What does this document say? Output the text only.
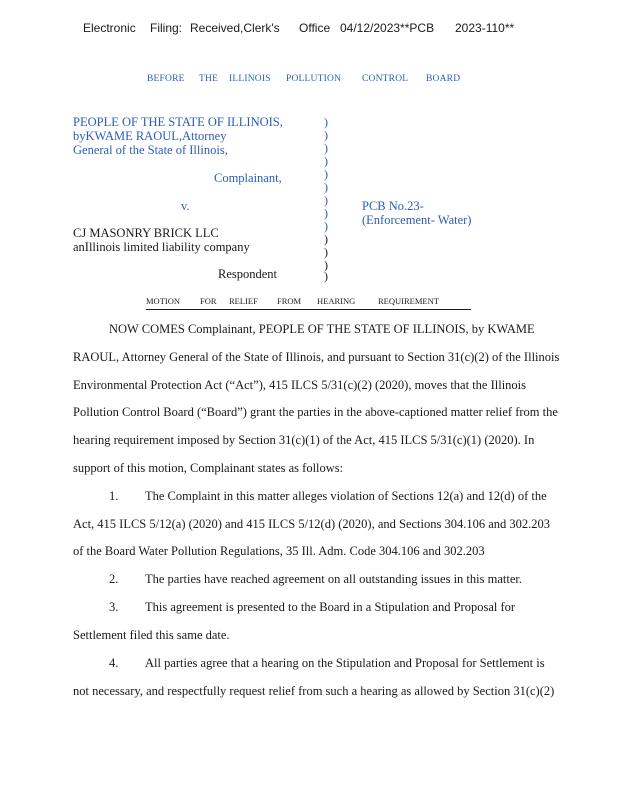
Electronic Filing: Received,Clerk's Office 04/12/2023**PCB 2023-110**
BEFORE THE ILLINOIS POLLUTION CONTROL BOARD
PEOPLE OF THE STATE OF ILLINOIS,
byKWAME RAOUL,Attorney
General of the State of Illinois,
Complainant,
v.
CJ MASONRY BRICK LLC
anIllinois limited liability company
Respondent
)
)
)
)
)
)
)
)
)
)
)
)
)
PCB No.23-
(Enforcement- Water)
MOTION FOR RELIEF FROM HEARING	REQUIREMENT
NOW COMES Complainant, PEOPLE OF THE STATE OF ILLINOIS, by KWAME
RAOUL, Attorney General of the State of Illinois, and pursuant to Section 31(c)(2) of the Illinois
Environmental Protection Act (“Act”), 415 ILCS 5/31(c)(2) (2020), moves that the Illinois
Pollution Control Board (“Board”) grant the parties in the above-captioned matter relief from the
hearing requirement imposed by Section 31(c)(1) of the Act, 415 ILCS 5/31(c)(1) (2020). In
support of this motion, Complainant states as follows:
1. The Complaint in this matter alleges violation of Sections 12(a) and 12(d) of the
Act, 415 ILCS 5/12(a) (2020) and 415 ILCS 5/12(d) (2020), and Sections 304.106 and 302.203
of the Board Water Pollution Regulations, 35 Ill. Adm. Code 304.106 and 302.203
2. The parties have reached agreement on all outstanding issues in this matter.
3. This agreement is presented to the Board in a Stipulation and Proposal for
Settlement filed this same date.
4. All parties agree that a hearing on the Stipulation and Proposal for Settlement is
not necessary, and respectfully request relief from such a hearing as allowed by Section 31(c)(2)
